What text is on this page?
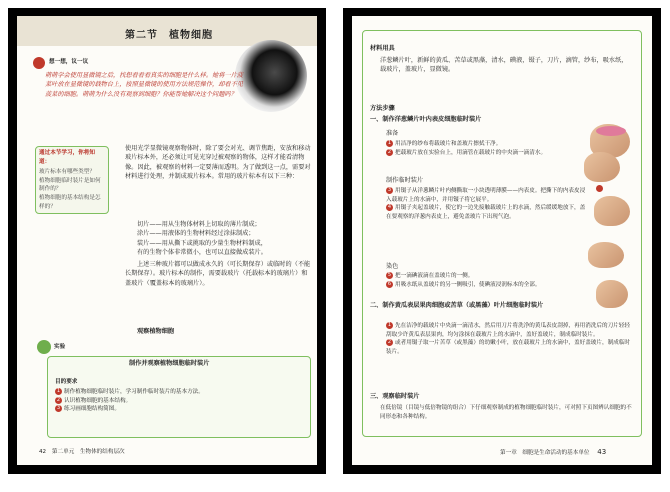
第二节　植物细胞
想一想，议一议
萌萌学会使用显微镜之后，找想看看看真实的细胞是什么样。她将一片菠菜叶放在显微镜的载物台上，按照显微镜的使用方法规范操作，却看不见菠菜的细胞。萌萌为什么没有观察到细胞？你能帮她解决这个问题吗？
通过本节学习，你将知道：
玻片标本有哪些类型？
植物细胞临时装片是如何制作的？
植物细胞的基本结构是怎样的？
使用光学显微镜观察物体时，除了要会对光、调节焦距，安放和移动玻片标本外，还必须让可见光穿过被观察的物体，这样才能看清物像。因此，被观察的材料一定要薄而透明。为了做到这一点，需要对材料进行处理，并制成玻片标本。常用的玻片标本有以下三种：
切片——用从生物体材料上切取的薄片制成；
涂片——用液体的生物材料经过涂抹制成；
装片——用从撕下或挑取的少量生物材料制成，
有的生物个体非常微小，也可以直接做成装片。
上述三种玻片都可以做成永久的（可长期保存）或临时的（不能长期保存）。玻片标本的制作，需要载玻片（托载标本的玻璃片）和盖玻片（覆盖标本的玻璃片）。
观察植物细胞
实验
制作并观察植物细胞临时装片
目的要求
1 制作植物细胞临时装片，学习制作临时装片的基本方法。
2 认识植物细胞的基本结构。
3 练习画细胞结构简图。
42 第二单元　生物体的结构层次
材料用具
洋葱鳞片叶，新鲜的黄瓜、苦草或黑藻，清水，碘液，镊子，刀片，滴管，纱布，吸水纸，载玻片，盖玻片，显微镜。
方法步骤
一、制作洋葱鳞片叶内表皮细胞临时装片
准备
1 用洁净的纱布将载玻片和盖玻片擦拭干净。
2 把载玻片放在实验台上，用滴管在载玻片的中央滴一滴清水。
制作临时装片
3 用镊子从洋葱鳞片叶内侧撕取一小块透明薄膜——内表皮。把撕下的内表皮浸入载玻片上的水滴中，并用镊子将它展平。
4 用镊子夹起盖玻片，使它的一边先接触载玻片上的水滴，然后缓缓地放下，盖在要观察的洋葱内表皮上，避免盖玻片下出现气泡。
染色
5 把一滴碘液滴在盖玻片的一侧。
6 用吸水纸从盖玻片的另一侧吸引，使碘液浸润标本的全部。
二、制作黄瓜表层果肉细胞或苦草（或黑藻）叶片细胞临时装片
1 先在洁净的载玻片中央滴一滴清水，然后用刀片将洗净的黄瓜表皮刮掉，再用消洗后的刀片轻轻刮取少许黄瓜表层果肉，均匀涂抹在载玻片上的水滴中，盖好盖玻片，制成临时装片。
2 或者用镊子取一片苦草（或黑藻）的幼嫩小叶，放在载玻片上的水滴中，盖好盖玻片，制成临时装片。
三、观察临时装片
在低倍镜（目镜与低倍物镜的组合）下仔细观察制成的植物细胞临时装片，可对照下页图辨认细胞的不同形态和各种结构。
第一章　细胞是生命活动的基本单位 43
